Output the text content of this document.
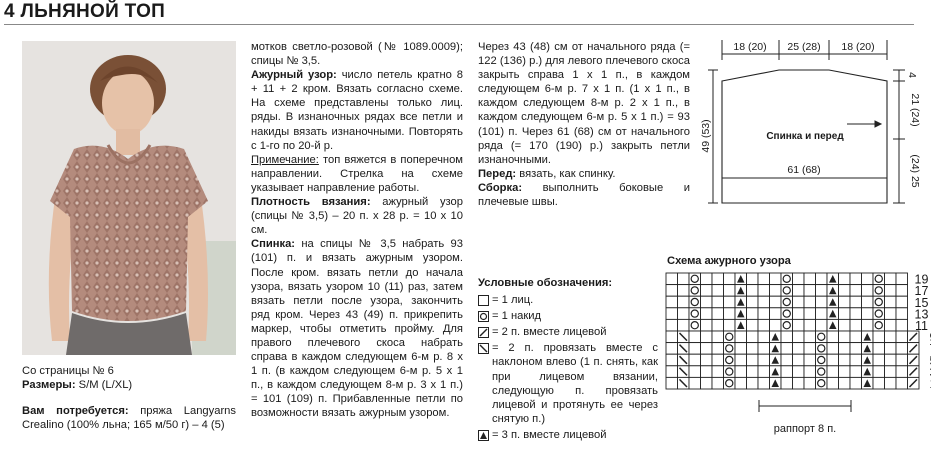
4 ЛЬНЯНОЙ ТОП

Со страницы № 6

Размеры: S/M (L/XL)

Вам потребуется: пряжа Langyarns Crealino (100% льна; 165 м/50 г) – 4 (5)

мотков светло-розовой (№ 1089.0009); спицы № 3,5.

Ажурный узор: число петель кратно 8 + 11 + 2 кром. Вязать согласно схеме. На схеме представлены только лиц. ряды. В изнаночных рядах все петли и накиды вязать изнаночными. Повторять с 1-го по 20-й р.

Примечание: топ вяжется в поперечном направлении. Стрелка на схеме указывает направление работы.

Плотность вязания: ажурный узор (спицы № 3,5) – 20 п. х 28 р. = 10 х 10 см.

Спинка: на спицы № 3,5 набрать 93 (101) п. и вязать ажурным узором. После кром. вязать петли до начала узора, вязать узором 10 (11) раз, затем вязать петли после узора, закончить ряд кром. Через 43 (49) п. прикрепить маркер, чтобы отметить пройму. Для правого плечевого скоса набрать справа в каждом следующем 6-м р. 8 х 1 п. (в каждом следующем 6-м р. 5 х 1 п., в каждом следующем 8-м р. 3 х 1 п.) = 101 (109) п. Прибавленные петли по возможности вязать ажурным узором.

Через 43 (48) см от начального ряда (= 122 (136) р.) для левого плечевого скоса закрыть справа 1 х 1 п., в каждом следующем 6-м р. 7 х 1 п. (1 х 1 п., в каждом следующем 8-м р. 2 х 1 п., в каждом следующем 6-м р. 5 х 1 п.) = 93 (101) п. Через 61 (68) см от начального ряда (= 170 (190) р.) закрыть петли изнаночными.

Перед: вязать, как спинку.

Сборка: выполнить боковые и плечевые швы.

Условные обозначения:

= 1 лиц.
= 1 накид
= 2 п. вместе лицевой
= 2 п. провязать вместе с наклоном влево (1 п. снять, как при лицевом вязании, следующую п. провязать лицевой и протянуть ее через снятую п.)
= 3 п. вместе лицевой
18 (20) 25 (28) 18 (20)
4
21 (24)
(24) 25
49 (53)
61 (68)
Спинка и перед
Схема ажурного узора
19
17
15
13
11
раппорт 8 п.
